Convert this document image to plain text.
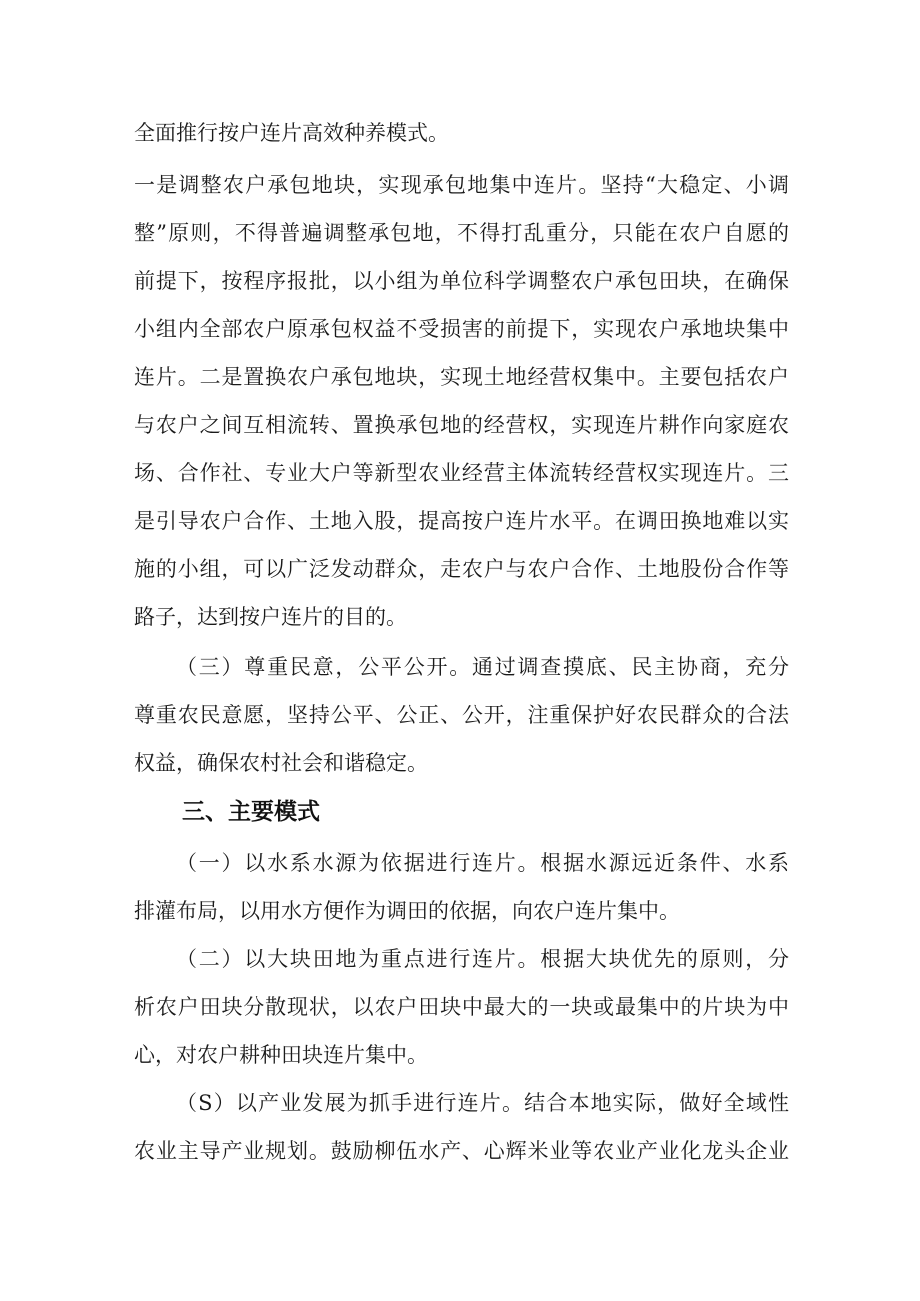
全面推行按户连片高效种养模式。
一是调整农户承包地块，实现承包地集中连片。坚持“大稳定、小调
整”原则，不得普遍调整承包地，不得打乱重分，只能在农户自愿的
前提下，按程序报批，以小组为单位科学调整农户承包田块，在确保
小组内全部农户原承包权益不受损害的前提下，实现农户承地块集中
连片。二是置换农户承包地块，实现土地经营权集中。主要包括农户
与农户之间互相流转、置换承包地的经营权，实现连片耕作向家庭农
场、合作社、专业大户等新型农业经营主体流转经营权实现连片。三
是引导农户合作、土地入股，提高按户连片水平。在调田换地难以实
施的小组，可以广泛发动群众，走农户与农户合作、土地股份合作等
路子，达到按户连片的目的。
（三）尊重民意，公平公开。通过调查摸底、民主协商，充分
尊重农民意愿，坚持公平、公正、公开，注重保护好农民群众的合法
权益，确保农村社会和谐稳定。
三、主要模式
（一）以水系水源为依据进行连片。根据水源远近条件、水系
排灌布局，以用水方便作为调田的依据，向农户连片集中。
（二）以大块田地为重点进行连片。根据大块优先的原则，分
析农户田块分散现状，以农户田块中最大的一块或最集中的片块为中
心，对农户耕种田块连片集中。
（S）以产业发展为抓手进行连片。结合本地实际，做好全域性
农业主导产业规划。鼓励柳伍水产、心辉米业等农业产业化龙头企业
